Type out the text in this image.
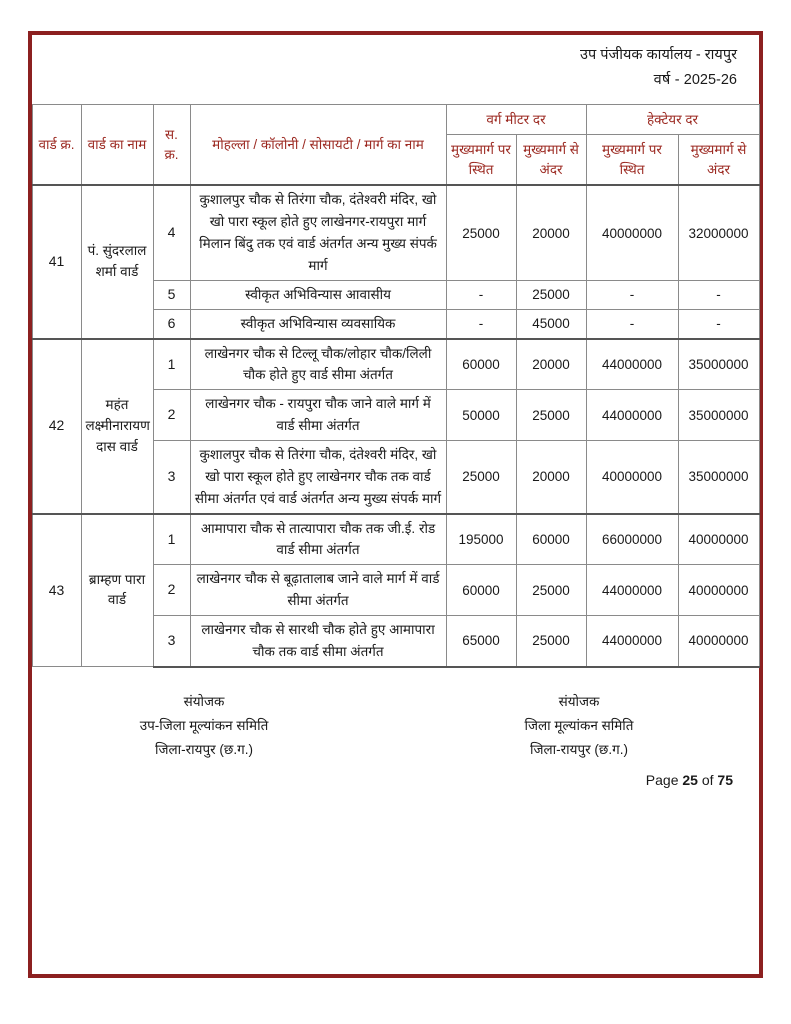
उप पंजीयक कार्यालय - रायपुर
वर्ष - 2025-26
वार्ड क्र.	वार्ड का नाम	स. क्र.	मोहल्ला / कॉलोनी / सोसायटी / मार्ग का नाम	वर्ग मीटर दर		हेक्टेयर दर	
				मुख्यमार्ग पर स्थित	मुख्यमार्ग से अंदर	मुख्यमार्ग पर स्थित	मुख्यमार्ग से अंदर
41	पं. सुंदरलाल शर्मा वार्ड	4	कुशालपुर चौक से तिरंगा चौक, दंतेश्वरी मंदिर, खो खो पारा स्कूल होते हुए लाखेनगर-रायपुरा मार्ग मिलान बिंदु तक एवं वार्ड अंतर्गत अन्य मुख्य संपर्क मार्ग	25000	20000	40000000	32000000
		5	स्वीकृत अभिविन्यास आवासीय	-	25000	-	-
		6	स्वीकृत अभिविन्यास व्यवसायिक	-	45000	-	-
42	महंत लक्ष्मीनारायण दास वार्ड	1	लाखेनगर चौक से टिल्लू चौक/लोहार चौक/लिली चौक होते हुए वार्ड सीमा अंतर्गत	60000	20000	44000000	35000000
		2	लाखेनगर चौक - रायपुरा चौक जाने वाले मार्ग में वार्ड सीमा अंतर्गत	50000	25000	44000000	35000000
		3	कुशालपुर चौक से तिरंगा चौक, दंतेश्वरी मंदिर, खो खो पारा स्कूल होते हुए लाखेनगर चौक तक वार्ड सीमा अंतर्गत एवं वार्ड अंतर्गत अन्य मुख्य संपर्क मार्ग	25000	20000	40000000	35000000
43	ब्राम्हण पारा वार्ड	1	आमापारा चौक से तात्यापारा चौक तक जी.ई. रोड वार्ड सीमा अंतर्गत	195000	60000	66000000	40000000
		2	लाखेनगर चौक से बूढ़ातालाब जाने वाले मार्ग में वार्ड सीमा अंतर्गत	60000	25000	44000000	40000000
		3	लाखेनगर चौक से सारथी चौक होते हुए आमापारा चौक तक वार्ड सीमा अंतर्गत	65000	25000	44000000	40000000
संयोजक
उप-जिला मूल्यांकन समिति
जिला-रायपुर (छ.ग.)
संयोजक
जिला मूल्यांकन समिति
जिला-रायपुर (छ.ग.)
Page 25 of 75
